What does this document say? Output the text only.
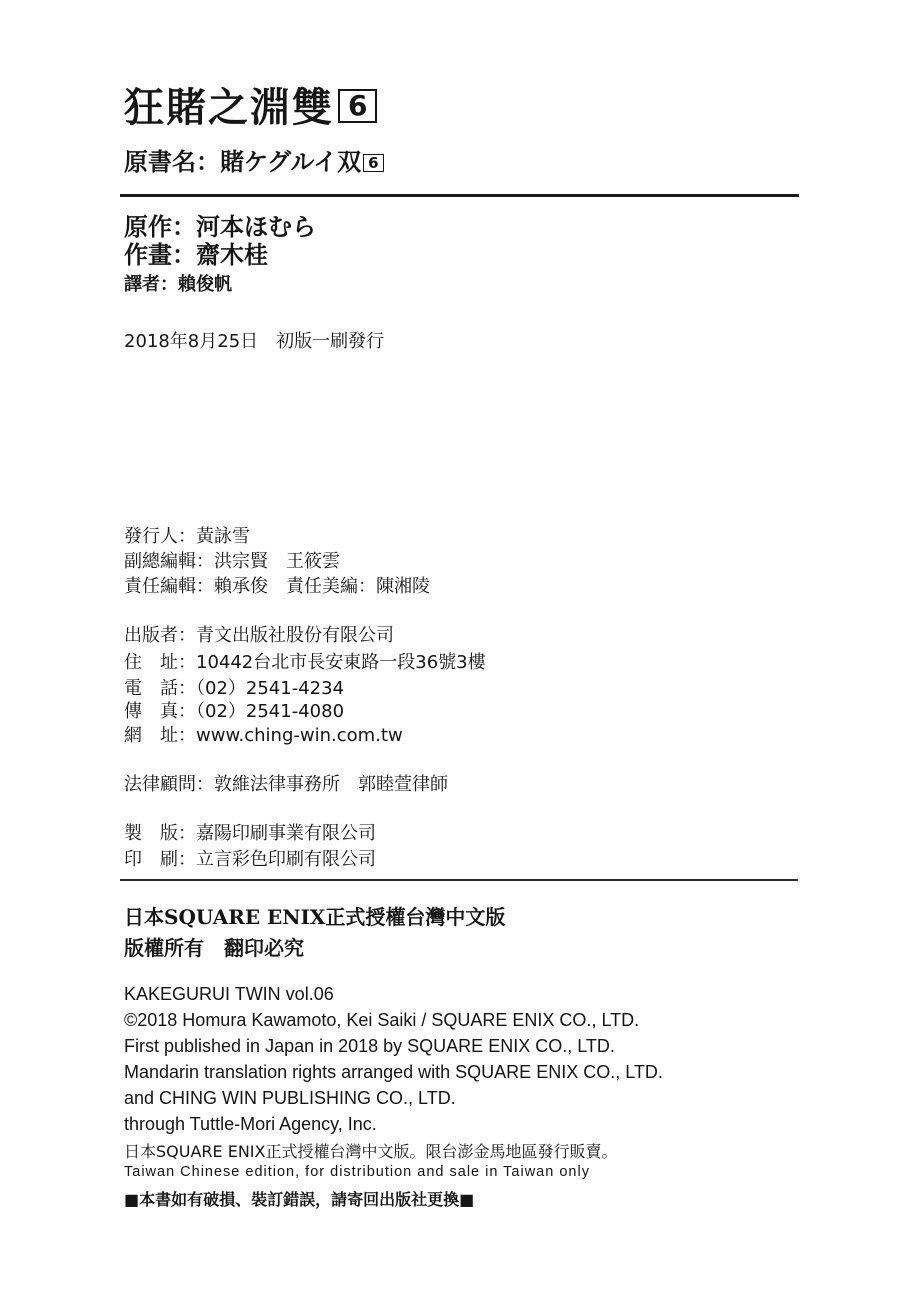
狂賭之淵雙 6
原書名：賭ケグルイ双 6
原作：河本ほむら
作畫：齋木桂
譯者：賴俊帆
2018年8月25日　初版一刷發行
發行人：黃詠雪
副總編輯：洪宗賢　王筱雲
責任編輯：賴承俊　責任美編：陳湘陵
出版者：青文出版社股份有限公司
住　址：10442台北市長安東路一段36號3樓
電　話：（02）2541-4234
傳　真：（02）2541-4080
網　址：www.ching-win.com.tw
法律顧問：敦維法律事務所　郭睦萱律師
製　版：嘉陽印刷事業有限公司
印　刷：立言彩色印刷有限公司
日本SQUARE ENIX正式授權台灣中文版
版權所有　翻印必究
KAKEGURUI TWIN vol.06
©2018 Homura Kawamoto, Kei Saiki / SQUARE ENIX CO., LTD.
First published in Japan in 2018 by SQUARE ENIX CO., LTD.
Mandarin translation rights arranged with SQUARE ENIX CO., LTD.
and CHING WIN PUBLISHING CO., LTD.
through Tuttle-Mori Agency, Inc.
日本SQUARE ENIX正式授權台灣中文版。限台澎金馬地區發行販賣。
Taiwan Chinese edition, for distribution and sale in Taiwan only
■本書如有破損、裝訂錯誤，請寄回出版社更換■
